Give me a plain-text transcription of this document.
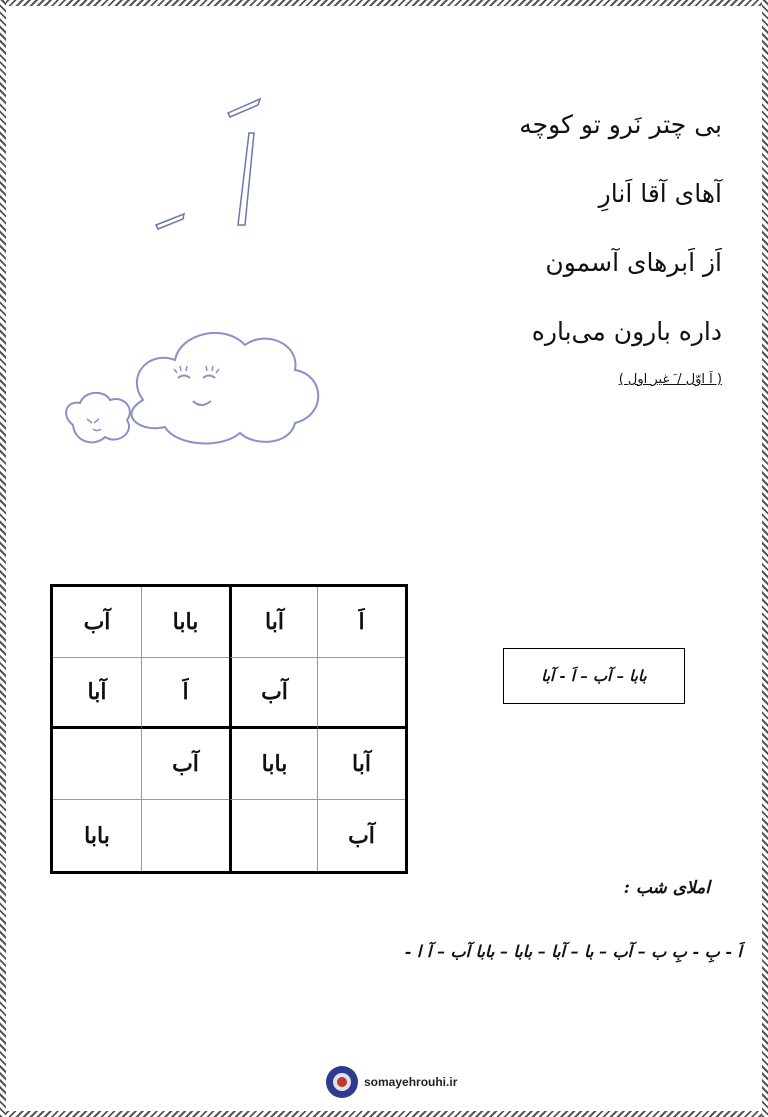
بی چتر نَرو تو کوچه
آهای آقا اَنارِ
اَز اَبرهای آسمون
داره بارون می‌باره
( اَ اوّل / َ غیر اول )
اَ
آبا
بابا
آب
آب
اَ
آبا
آبا
بابا
آب
آب
بابا
بابا – آب – اَ - آبا
املای شب :
اَ - بِ - بِ ب – آب – با – آبا – بابا – بابا آب – آ ا -
somayehrouhi.ir
